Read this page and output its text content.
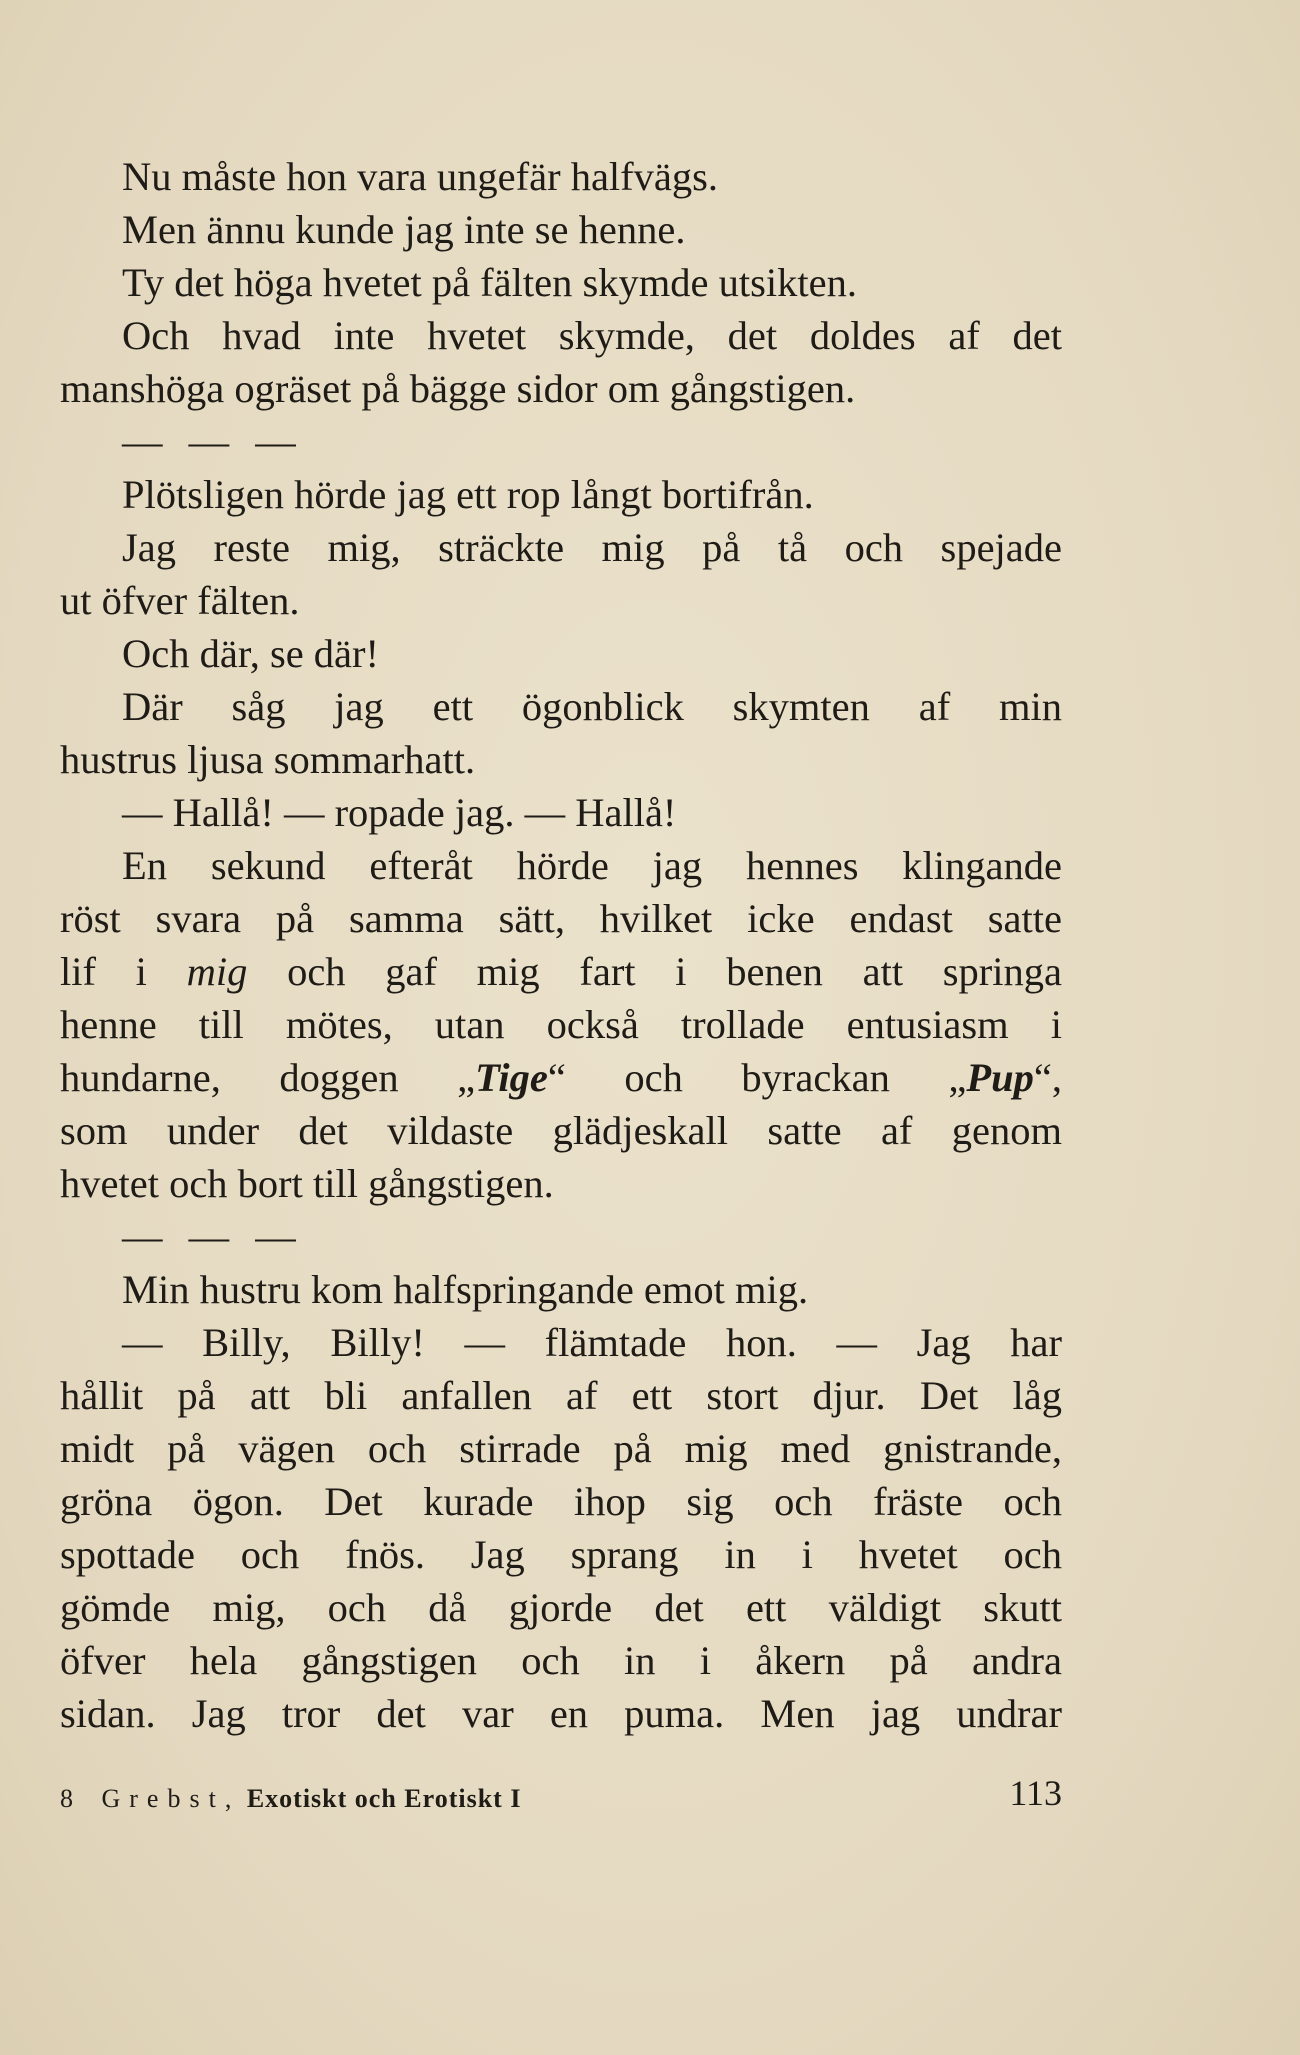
Nu måste hon vara ungefär halfvägs.
Men ännu kunde jag inte se henne.
Ty det höga hvetet på fälten skymde utsikten.
Och hvad inte hvetet skymde, det doldes af det
manshöga ogräset på bägge sidor om gångstigen.
— — —
Plötsligen hörde jag ett rop långt bortifrån.
Jag reste mig, sträckte mig på tå och spejade
ut öfver fälten.
Och där, se där!
Där såg jag ett ögonblick skymten af min
hustrus ljusa sommarhatt.
— Hallå! — ropade jag. — Hallå!
En sekund efteråt hörde jag hennes klingande
röst svara på samma sätt, hvilket icke endast satte
lif i mig och gaf mig fart i benen att springa
henne till mötes, utan också trollade entusiasm i
hundarne, doggen „Tige“ och byrackan „Pup“,
som under det vildaste glädjeskall satte af genom
hvetet och bort till gångstigen.
— — —
Min hustru kom halfspringande emot mig.
— Billy, Billy! — flämtade hon. — Jag har
hållit på att bli anfallen af ett stort djur. Det låg
midt på vägen och stirrade på mig med gnistrande,
gröna ögon. Det kurade ihop sig och fräste och
spottade och fnös. Jag sprang in i hvetet och
gömde mig, och då gjorde det ett väldigt skutt
öfver hela gångstigen och in i åkern på andra
sidan. Jag tror det var en puma. Men jag undrar
8 Grebst, Exotiskt och Erotiskt I	113
